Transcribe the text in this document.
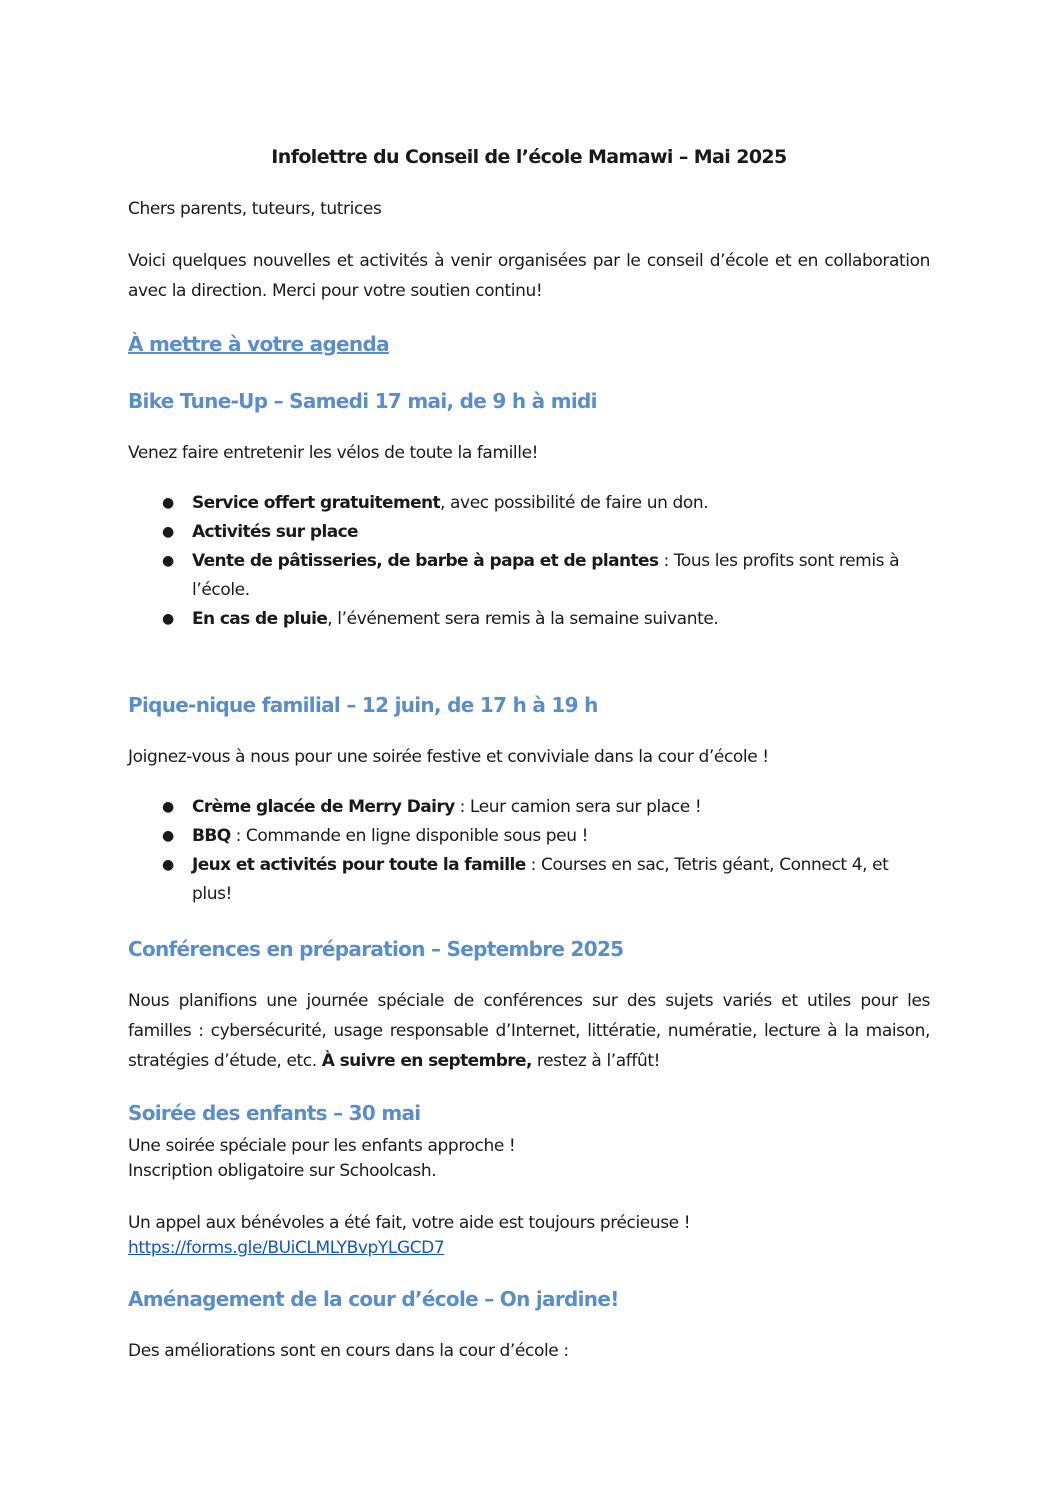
Infolettre du Conseil de l’école Mamawi – Mai 2025

Chers parents, tuteurs, tutrices

Voici quelques nouvelles et activités à venir organisées par le conseil d’école et en collaboration avec la direction. Merci pour votre soutien continu!

À mettre à votre agenda
Bike Tune-Up – Samedi 17 mai, de 9 h à midi

Venez faire entretenir les vélos de toute la famille!

● Service offert gratuitement, avec possibilité de faire un don.
● Activités sur place
● Vente de pâtisseries, de barbe à papa et de plantes : Tous les profits sont remis à l’école.
● En cas de pluie, l’événement sera remis à la semaine suivante.
Pique-nique familial – 12 juin, de 17 h à 19 h

Joignez-vous à nous pour une soirée festive et conviviale dans la cour d’école !

● Crème glacée de Merry Dairy : Leur camion sera sur place !
● BBQ : Commande en ligne disponible sous peu !
● Jeux et activités pour toute la famille : Courses en sac, Tetris géant, Connect 4, et plus!
Conférences en préparation – Septembre 2025

Nous planifions une journée spéciale de conférences sur des sujets variés et utiles pour les familles : cybersécurité, usage responsable d’Internet, littératie, numératie, lecture à la maison, stratégies d’étude, etc. À suivre en septembre, restez à l’affût!

Soirée des enfants – 30 mai

Une soirée spéciale pour les enfants approche !

Inscription obligatoire sur Schoolcash.

Un appel aux bénévoles a été fait, votre aide est toujours précieuse !

https://forms.gle/BUiCLMLYBvpYLGCD7

Aménagement de la cour d’école – On jardine!

Des améliorations sont en cours dans la cour d’école :
